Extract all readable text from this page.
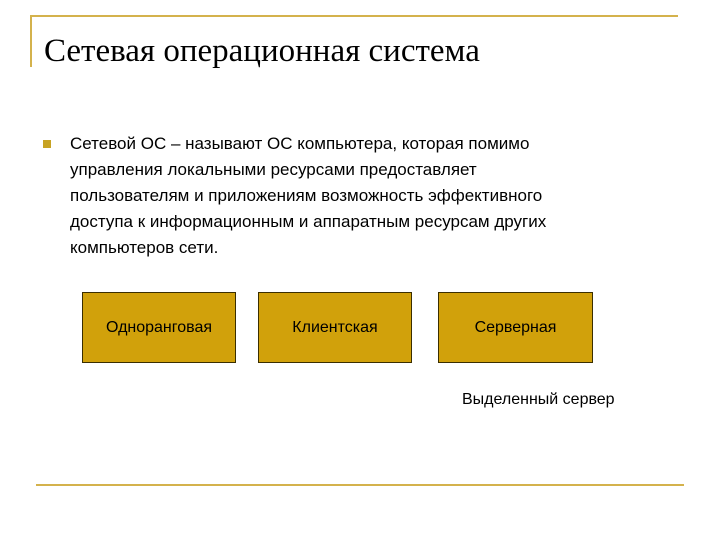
Сетевая операционная система

Сетевой ОС – называют ОС компьютера, которая помимо
управления локальными ресурсами предоставляет
пользователям и приложениям возможность эффективного
доступа к информационным и аппаратным ресурсам других
компьютеров сети.

Одноранговая	Клиентская	Серверная
Выделенный сервер
